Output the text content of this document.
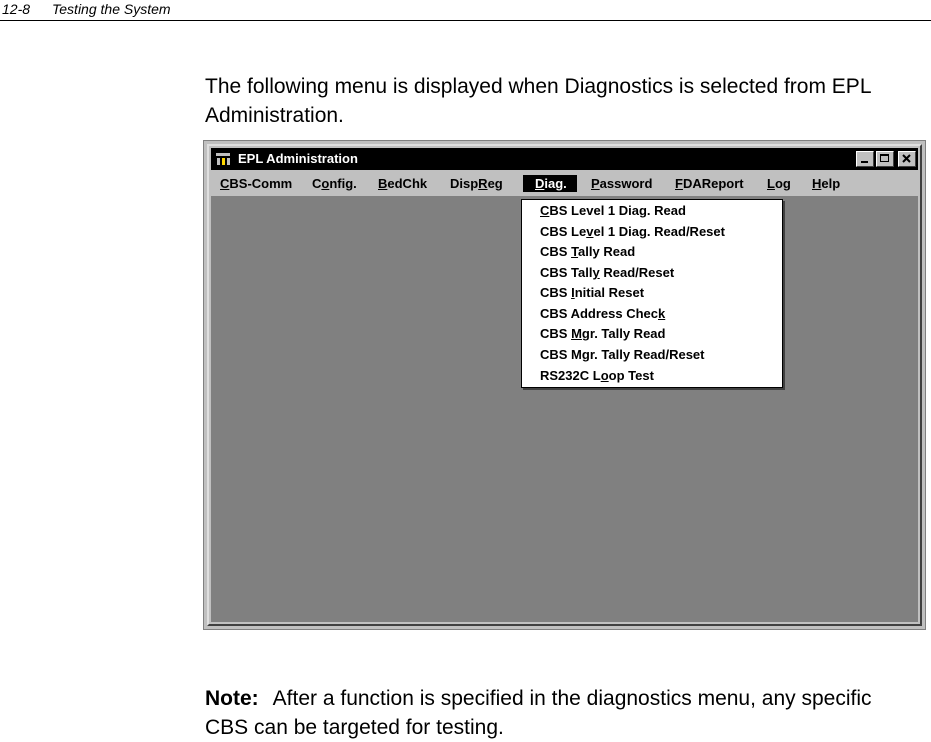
12-8 Testing the System
The following menu is displayed when Diagnostics is selected from EPL Administration.
EPL Administration
CBS-Comm	Config.	BedChk	DispReg	Diag.	Password	FDAReport	Log	Help
CBS Level 1 Diag. Read
CBS Level 1 Diag. Read/Reset
CBS Tally Read
CBS Tally Read/Reset
CBS Initial Reset
CBS Address Check
CBS Mgr. Tally Read
CBS Mgr. Tally Read/Reset
RS232C Loop Test
Note: After a function is specified in the diagnostics menu, any specific CBS can be targeted for testing.
